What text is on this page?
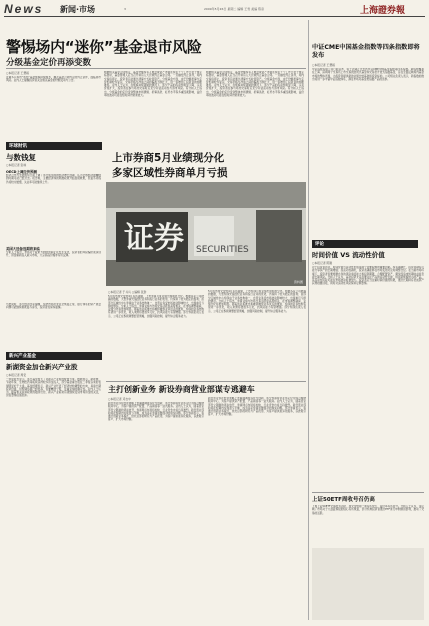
News 新闻·市场	3	2009年5月26日 星期二 编辑 王雪 美编 陈彦	上海證券報
警惕场内“迷你”基金退市风险

分级基金定价再添变数

○本报记者 王慧娟

近期多只场内“迷你”基金规模持续缩水，触及基金合同约定的终止条件，面临退市风险。业内人士提醒投资者关注相关基金的份额变动与公告。

根据相关基金合同规定，基金份额持有人数量或资产净值连续若干个工作日低于规定标准时，基金管理人应当召开持有人大会或终止基金合同。一旦触发终止条件，场内交易将停止，投资者只能通过清算方式收回资产。分级基金方面，由于份额折算与定价机制较为复杂，交易价格与净值之间的偏离不断扩大，进一步增加了投资者的判断难度。业内人士认为，在规模持续萎缩的情况下，部分产品的流动性明显下降，买卖价差扩大，投资者在参与场内交易时应充分评估流动性与退市风险。有分析人士指出，分级基金的定价受到整体市场情绪、折算条款、杠杆水平等多重因素影响，溢价率的波动可能在短时间内快速放大。

根据相关基金合同规定，基金份额持有人数量或资产净值连续若干个工作日低于规定标准时，基金管理人应当召开持有人大会或终止基金合同。一旦触发终止条件，场内交易将停止，投资者只能通过清算方式收回资产。分级基金方面，由于份额折算与定价机制较为复杂，交易价格与净值之间的偏离不断扩大，进一步增加了投资者的判断难度。业内人士认为，在规模持续萎缩的情况下，部分产品的流动性明显下降，买卖价差扩大，投资者在参与场内交易时应充分评估流动性与退市风险。有分析人士指出，分级基金的定价受到整体市场情绪、折算条款、杠杆水平等多重因素影响，溢价率的波动可能在短时间内快速放大。

中证CME中国基金指数等四条指数即将发布
○本报记者 王慧娟

中证指数有限公司日前宣布，将于近期正式发布中证CME中国基金指数等四条指数。新指数覆盖在上海、深圳两个交易所上市交易的封闭式基金和交易型开放式指数基金，旨在全面反映场内基金市场的整体表现，为投资者提供新的业绩比较基准和投资标的。公司相关负责人表示，新指数的推出将进一步丰富中证指数体系，满足市场对基金类指数产品的需求。

环球财讯
与数钱复
○本报记者 张咏
OECD上调经济预测

经济合作与发展组织日前上调了部分成员国的经济增长预期，认为全球经济最糟糕的时期可能已经过去。报告称，主要经济体的刺激政策开始显现效果，但复苏进程仍将较为缓慢，失业率可能继续上升。

美国大选备选期将来临

分析人士指出，市场对于政策方向的预期正在发生变化，投资者的风险偏好逐步回升，资金重新流入新兴市场，大宗商品价格亦有所反弹。

与此同时，部分经济学家提醒，信贷市场仍未完全恢复正常，银行体系的资产质量问题可能继续拖累复苏步伐，投资者需保持谨慎。

新兴产业基金
新湖资金加仓新兴产业股
○本报记者 周宏

一季度报告显示，部分基金加大了对新兴产业股的配置力度。数据显示，新能源、节能环保、生物医药等板块获得较多资金流入，部分基金重仓股在二季度以来的表现明显好于大盘。基金经理表示，新兴产业代表了经济结构调整的方向，具备长期投资价值，但短期估值已经较高，需要精选个股，注重业绩的确定性。业内人士认为，随着相关扶持政策的陆续出台，新兴产业板块有望继续受到市场资金的关注，但需警惕估值泡沫。

上市券商5月业绩现分化
多家区域性券商单月亏损
证券 SECURITIES
资料图
○本报记者 于兵兵 ○编辑 张劲

5月股市成交量较4月有所萎缩，上市券商月度业绩出现明显分化。根据各家公司披露的数据，大型券商凭借经纪业务和投行业务的优势，仍保持了较为稳定的盈利；而部分区域性中小券商由于业务结构单一，自营业务受市场波动影响较大，出现单月亏损的情况。分析人士指出，券商业绩与市场交易活跃度高度相关，在市场调整期间，业绩分化将更加明显。随着创业板推出和融资融券业务试点的推进，券商的业务结构有望进一步优化，收入来源将更加多元化，抗风险能力有望增强。部分券商负责人表示，公司正在积极调整经营策略，加强风险控制，提升综合服务能力。

5月股市成交量较4月有所萎缩，上市券商月度业绩出现明显分化。根据各家公司披露的数据，大型券商凭借经纪业务和投行业务的优势，仍保持了较为稳定的盈利；而部分区域性中小券商由于业务结构单一，自营业务受市场波动影响较大，出现单月亏损的情况。分析人士指出，券商业绩与市场交易活跃度高度相关，在市场调整期间，业绩分化将更加明显。随着创业板推出和融资融券业务试点的推进，券商的业务结构有望进一步优化，收入来源将更加多元化，抗风险能力有望增强。部分券商负责人表示，公司正在积极调整经营策略，加强风险控制，提升综合服务能力。

主打创新业务 新设券商营业部谋专逃避车
○本报记者 邓吉中

新设营业部在经营策略上普遍强调差异化与创新，部分券商将营业部定位为综合理财服务中心，为客户提供资产配置、产品销售等一站式服务。业内人士认为，随着营业部设立限制的逐步放开，券商网点布局将加快，行业竞争也将日趋激烈。新设营业部如何在短期内实现盈亏平衡，成为各家券商需要面对的现实问题。部分券商表示，将通过创新业务模式，依托总部的研究与产品优势，为客户提供差异化服务，以此吸引客户、扩大市场份额。

新设营业部在经营策略上普遍强调差异化与创新，部分券商将营业部定位为综合理财服务中心，为客户提供资产配置、产品销售等一站式服务。业内人士认为，随着营业部设立限制的逐步放开，券商网点布局将加快，行业竞争也将日趋激烈。新设营业部如何在短期内实现盈亏平衡，成为各家券商需要面对的现实问题。部分券商表示，将通过创新业务模式，依托总部的研究与产品优势，为客户提供差异化服务，以此吸引客户、扩大市场份额。

评论
时间价值 VS 流动性价值
○本报记者 陈刚

对于投资者而言，时间价值与流动性价值是两个需要权衡的重要因素。持有期越长，投资者越有可能分享资产的长期增值；而流动性越好，投资者越能够在市场变化时及时调整仓位。在当前市场环境下，投资者需要根据自身的风险承受能力和投资期限，合理配置资产，避免因追求短期收益而忽视长期风险。分析人士认为，基金投资尤其需要关注产品的流动性安排，特别是规模较小的产品，其流动性风险可能在市场波动时被放大。投资者应当注重时间价值的积累，通过长期持有优质资产获得稳健回报，同时对流动性风险保持足够警惕。

上证50ETF周收号召仍高

上周上证50ETF交易较为活跃，成交量较前一周有所放大，溢价率有所回升。分析人士认为，这反映了市场对于大盘蓝筹股的信心有所恢复，部分机构投资者通过ETF进行申购赎回套利，推动了交易的活跃。
